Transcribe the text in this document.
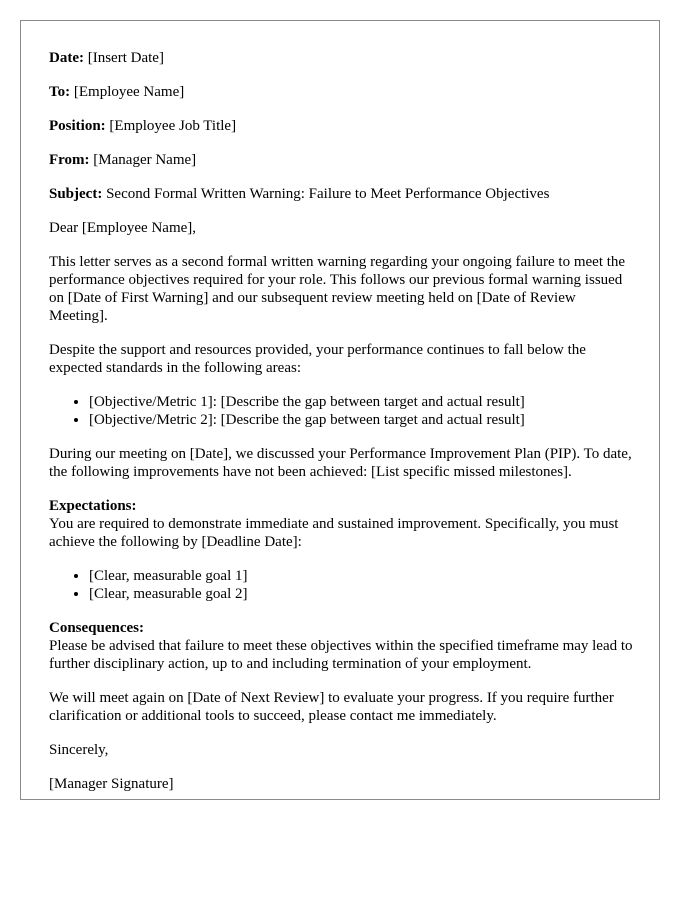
Date: [Insert Date]

To: [Employee Name]

Position: [Employee Job Title]

From: [Manager Name]

Subject: Second Formal Written Warning: Failure to Meet Performance Objectives

Dear [Employee Name],

This letter serves as a second formal written warning regarding your ongoing failure to meet the performance objectives required for your role. This follows our previous formal warning issued on [Date of First Warning] and our subsequent review meeting held on [Date of Review Meeting].

Despite the support and resources provided, your performance continues to fall below the expected standards in the following areas:

• [Objective/Metric 1]: [Describe the gap between target and actual result]
• [Objective/Metric 2]: [Describe the gap between target and actual result]

During our meeting on [Date], we discussed your Performance Improvement Plan (PIP). To date, the following improvements have not been achieved: [List specific missed milestones].

Expectations:
You are required to demonstrate immediate and sustained improvement. Specifically, you must achieve the following by [Deadline Date]:

• [Clear, measurable goal 1]
• [Clear, measurable goal 2]

Consequences:
Please be advised that failure to meet these objectives within the specified timeframe may lead to further disciplinary action, up to and including termination of your employment.

We will meet again on [Date of Next Review] to evaluate your progress. If you require further clarification or additional tools to succeed, please contact me immediately.

Sincerely,

[Manager Signature]
